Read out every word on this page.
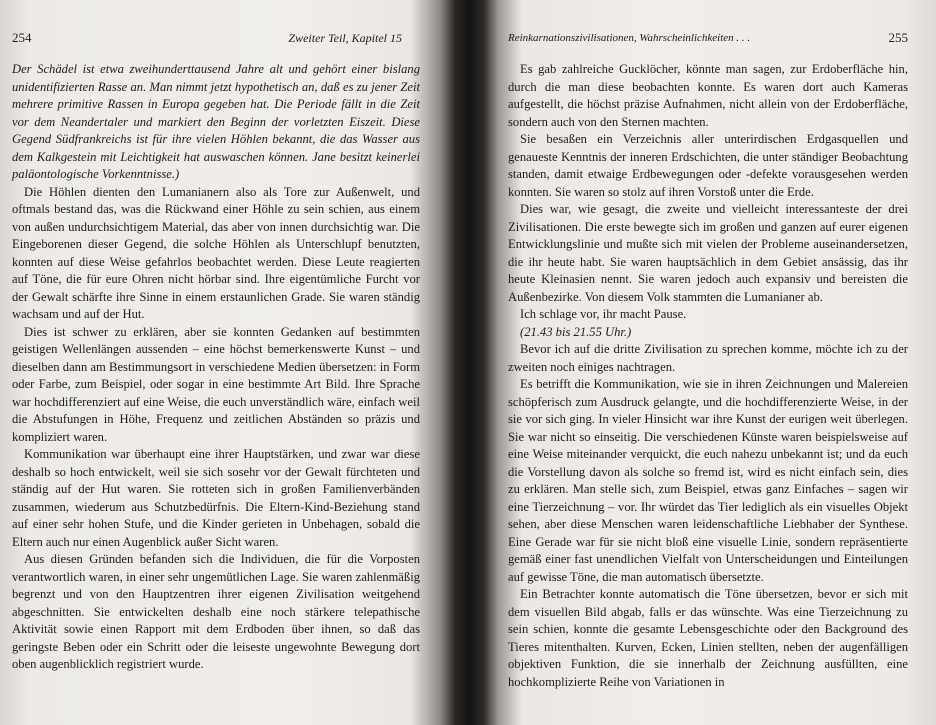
254	Zweiter Teil, Kapitel 15

Der Schädel ist etwa zweihunderttausend Jahre alt und gehört einer bislang unidentifizierten Rasse an. Man nimmt jetzt hypothetisch an, daß es zu jener Zeit mehrere primitive Rassen in Europa gegeben hat. Die Periode fällt in die Zeit vor dem Neandertaler und markiert den Beginn der vorletzten Eiszeit. Diese Gegend Südfrankreichs ist für ihre vielen Höhlen bekannt, die das Wasser aus dem Kalkgestein mit Leichtigkeit hat auswaschen können. Jane besitzt keinerlei paläontologische Vorkenntnisse.)

Die Höhlen dienten den Lumanianern also als Tore zur Außenwelt, und oftmals bestand das, was die Rückwand einer Höhle zu sein schien, aus einem von außen undurchsichtigem Material, das aber von innen durchsichtig war. Die Eingeborenen dieser Gegend, die solche Höhlen als Unterschlupf benutzten, konnten auf diese Weise gefahrlos beobachtet werden. Diese Leute reagierten auf Töne, die für eure Ohren nicht hörbar sind. Ihre eigentümliche Furcht vor der Gewalt schärfte ihre Sinne in einem erstaunlichen Grade. Sie waren ständig wachsam und auf der Hut.

Dies ist schwer zu erklären, aber sie konnten Gedanken auf bestimmten geistigen Wellenlängen aussenden – eine höchst bemerkenswerte Kunst – und dieselben dann am Bestimmungsort in verschiedene Medien übersetzen: in Form oder Farbe, zum Beispiel, oder sogar in eine bestimmte Art Bild. Ihre Sprache war hochdifferenziert auf eine Weise, die euch unverständlich wäre, einfach weil die Abstufungen in Höhe, Frequenz und zeitlichen Abständen so präzis und kompliziert waren.

Kommunikation war überhaupt eine ihrer Hauptstärken, und zwar war diese deshalb so hoch entwickelt, weil sie sich sosehr vor der Gewalt fürchteten und ständig auf der Hut waren. Sie rotteten sich in großen Familienverbänden zusammen, wiederum aus Schutzbedürfnis. Die Eltern-Kind-Beziehung stand auf einer sehr hohen Stufe, und die Kinder gerieten in Unbehagen, sobald die Eltern auch nur einen Augenblick außer Sicht waren.

Aus diesen Gründen befanden sich die Individuen, die für die Vorposten verantwortlich waren, in einer sehr ungemütlichen Lage. Sie waren zahlenmäßig begrenzt und von den Hauptzentren ihrer eigenen Zivilisation weitgehend abgeschnitten. Sie entwickelten deshalb eine noch stärkere telepathische Aktivität sowie einen Rapport mit dem Erdboden über ihnen, so daß das geringste Beben oder ein Schritt oder die leiseste ungewohnte Bewegung dort oben augenblicklich registriert wurde.

Reinkarnationszivilisationen, Wahrscheinlichkeiten . . .	255

Es gab zahlreiche Gucklöcher, könnte man sagen, zur Erdoberfläche hin, durch die man diese beobachten konnte. Es waren dort auch Kameras aufgestellt, die höchst präzise Aufnahmen, nicht allein von der Erdoberfläche, sondern auch von den Sternen machten.

Sie besaßen ein Verzeichnis aller unterirdischen Erdgasquellen und genaueste Kenntnis der inneren Erdschichten, die unter ständiger Beobachtung standen, damit etwaige Erdbewegungen oder -defekte vorausgesehen werden konnten. Sie waren so stolz auf ihren Vorstoß unter die Erde.

Dies war, wie gesagt, die zweite und vielleicht interessanteste der drei Zivilisationen. Die erste bewegte sich im großen und ganzen auf eurer eigenen Entwicklungslinie und mußte sich mit vielen der Probleme auseinandersetzen, die ihr heute habt. Sie waren hauptsächlich in dem Gebiet ansässig, das ihr heute Kleinasien nennt. Sie waren jedoch auch expansiv und bereisten die Außenbezirke. Von diesem Volk stammten die Lumanianer ab.

Ich schlage vor, ihr macht Pause.

(21.43 bis 21.55 Uhr.)

Bevor ich auf die dritte Zivilisation zu sprechen komme, möchte ich zu der zweiten noch einiges nachtragen.

Es betrifft die Kommunikation, wie sie in ihren Zeichnungen und Malereien schöpferisch zum Ausdruck gelangte, und die hochdifferenzierte Weise, in der sie vor sich ging. In vieler Hinsicht war ihre Kunst der eurigen weit überlegen. Sie war nicht so einseitig. Die verschiedenen Künste waren beispielsweise auf eine Weise miteinander verquickt, die euch nahezu unbekannt ist; und da euch die Vorstellung davon als solche so fremd ist, wird es nicht einfach sein, dies zu erklären. Man stelle sich, zum Beispiel, etwas ganz Einfaches – sagen wir eine Tierzeichnung – vor. Ihr würdet das Tier lediglich als ein visuelles Objekt sehen, aber diese Menschen waren leidenschaftliche Liebhaber der Synthese. Eine Gerade war für sie nicht bloß eine visuelle Linie, sondern repräsentierte gemäß einer fast unendlichen Vielfalt von Unterscheidungen und Einteilungen auf gewisse Töne, die man automatisch übersetzte.

Ein Betrachter konnte automatisch die Töne übersetzen, bevor er sich mit dem visuellen Bild abgab, falls er das wünschte. Was eine Tierzeichnung zu sein schien, konnte die gesamte Lebensgeschichte oder den Background des Tieres mitenthalten. Kurven, Ecken, Linien stellten, neben der augenfälligen objektiven Funktion, die sie innerhalb der Zeichnung ausfüllten, eine hochkomplizierte Reihe von Variationen in
